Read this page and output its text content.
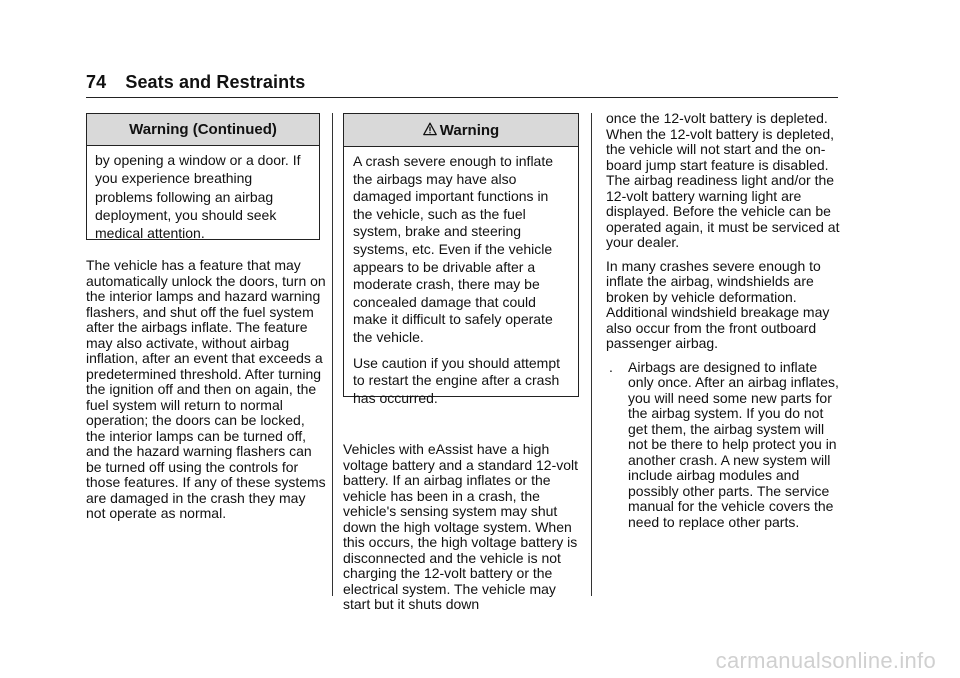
74 Seats and Restraints
Warning (Continued)

by opening a window or a door. If you experience breathing problems following an airbag deployment, you should seek medical attention.

The vehicle has a feature that may automatically unlock the doors, turn on the interior lamps and hazard warning flashers, and shut off the fuel system after the airbags inflate. The feature may also activate, without airbag inflation, after an event that exceeds a predetermined threshold. After turning the ignition off and then on again, the fuel system will return to normal operation; the doors can be locked, the interior lamps can be turned off, and the hazard warning flashers can be turned off using the controls for those features. If any of these systems are damaged in the crash they may not operate as normal.

Warning

A crash severe enough to inflate the airbags may have also damaged important functions in the vehicle, such as the fuel system, brake and steering systems, etc. Even if the vehicle appears to be drivable after a moderate crash, there may be concealed damage that could make it difficult to safely operate the vehicle.

Use caution if you should attempt to restart the engine after a crash has occurred.

Vehicles with eAssist have a high voltage battery and a standard 12-volt battery. If an airbag inflates or the vehicle has been in a crash, the vehicle's sensing system may shut down the high voltage system. When this occurs, the high voltage battery is disconnected and the vehicle is not charging the 12-volt battery or the electrical system. The vehicle may start but it shuts down

once the 12-volt battery is depleted. When the 12-volt battery is depleted, the vehicle will not start and the on-board jump start feature is disabled. The airbag readiness light and/or the 12-volt battery warning light are displayed. Before the vehicle can be operated again, it must be serviced at your dealer.

In many crashes severe enough to inflate the airbag, windshields are broken by vehicle deformation. Additional windshield breakage may also occur from the front outboard passenger airbag.

.	Airbags are designed to inflate only once. After an airbag inflates, you will need some new parts for the airbag system. If you do not get them, the airbag system will not be there to help protect you in another crash. A new system will include airbag modules and possibly other parts. The service manual for the vehicle covers the need to replace other parts.
carmanualsonline.info
